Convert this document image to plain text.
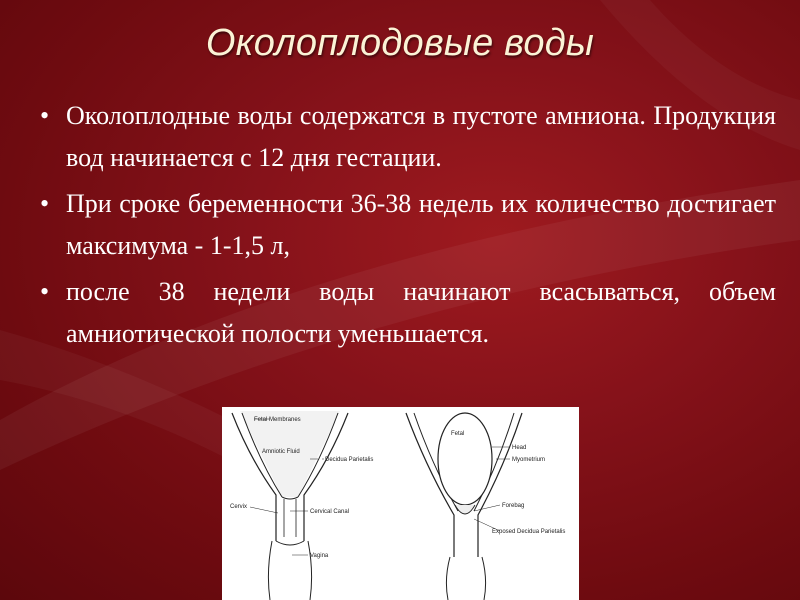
Околоплодовые воды
• Околоплодные воды содержатся в пустоте амниона. Продукция вод начинается с 12 дня гестации.
• При сроке беременности 36-38 недель их количество достигает максимума - 1-1,5 л,
• после 38 недели воды начинают всасываться, объем амниотической полости уменьшается.
Fetal Membranes
Amniotic Fluid
Decidua Parietalis
Cervix
Cervical Canal
Vagina
Fetal
Head
Myometrium
Forebag
Exposed Decidua Parietalis
